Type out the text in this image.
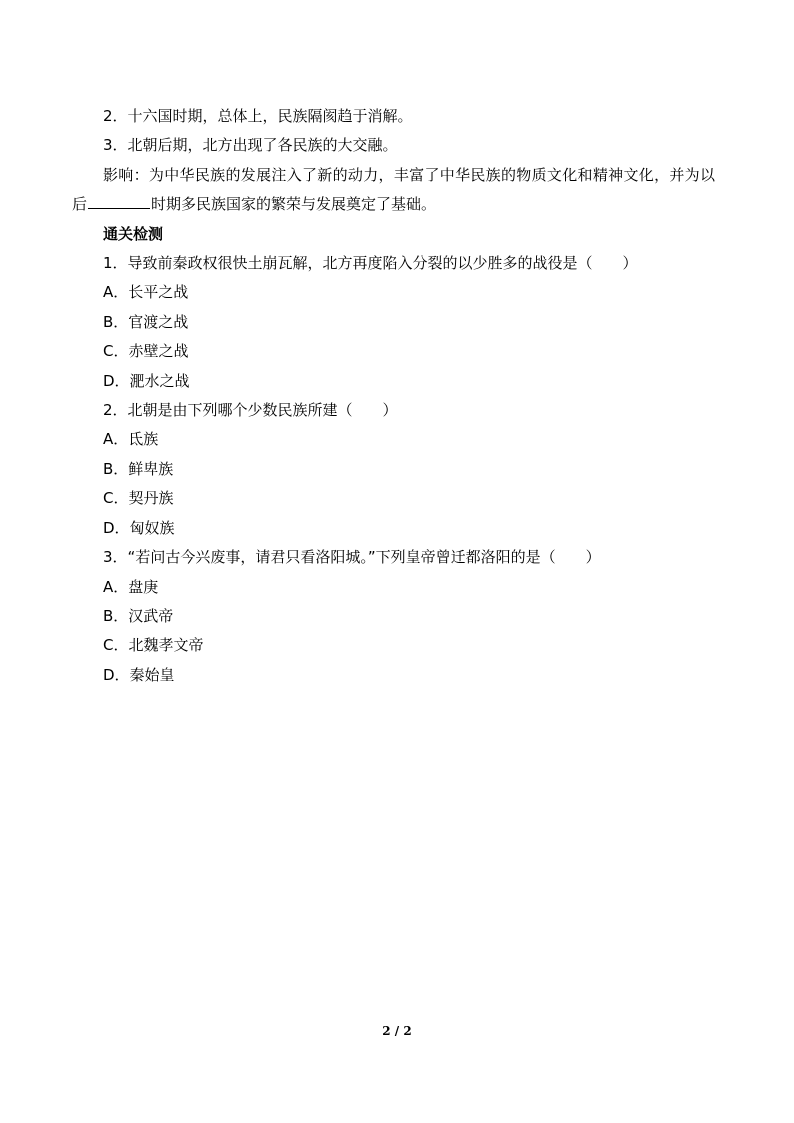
2．十六国时期，总体上，民族隔阂趋于消解。
3．北朝后期，北方出现了各民族的大交融。

影响：为中华民族的发展注入了新的动力，丰富了中华民族的物质文化和精神文化，并为以后	时期多民族国家的繁荣与发展奠定了基础。

通关检测
1．导致前秦政权很快土崩瓦解，北方再度陷入分裂的以少胜多的战役是（　　）
A．长平之战
B．官渡之战
C．赤壁之战
D．淝水之战
2．北朝是由下列哪个少数民族所建（　　）
A．氐族
B．鲜卑族
C．契丹族
D．匈奴族
3．“若问古今兴废事，请君只看洛阳城。”下列皇帝曾迁都洛阳的是（　　）
A．盘庚
B．汉武帝
C．北魏孝文帝
D．秦始皇
2 / 2
